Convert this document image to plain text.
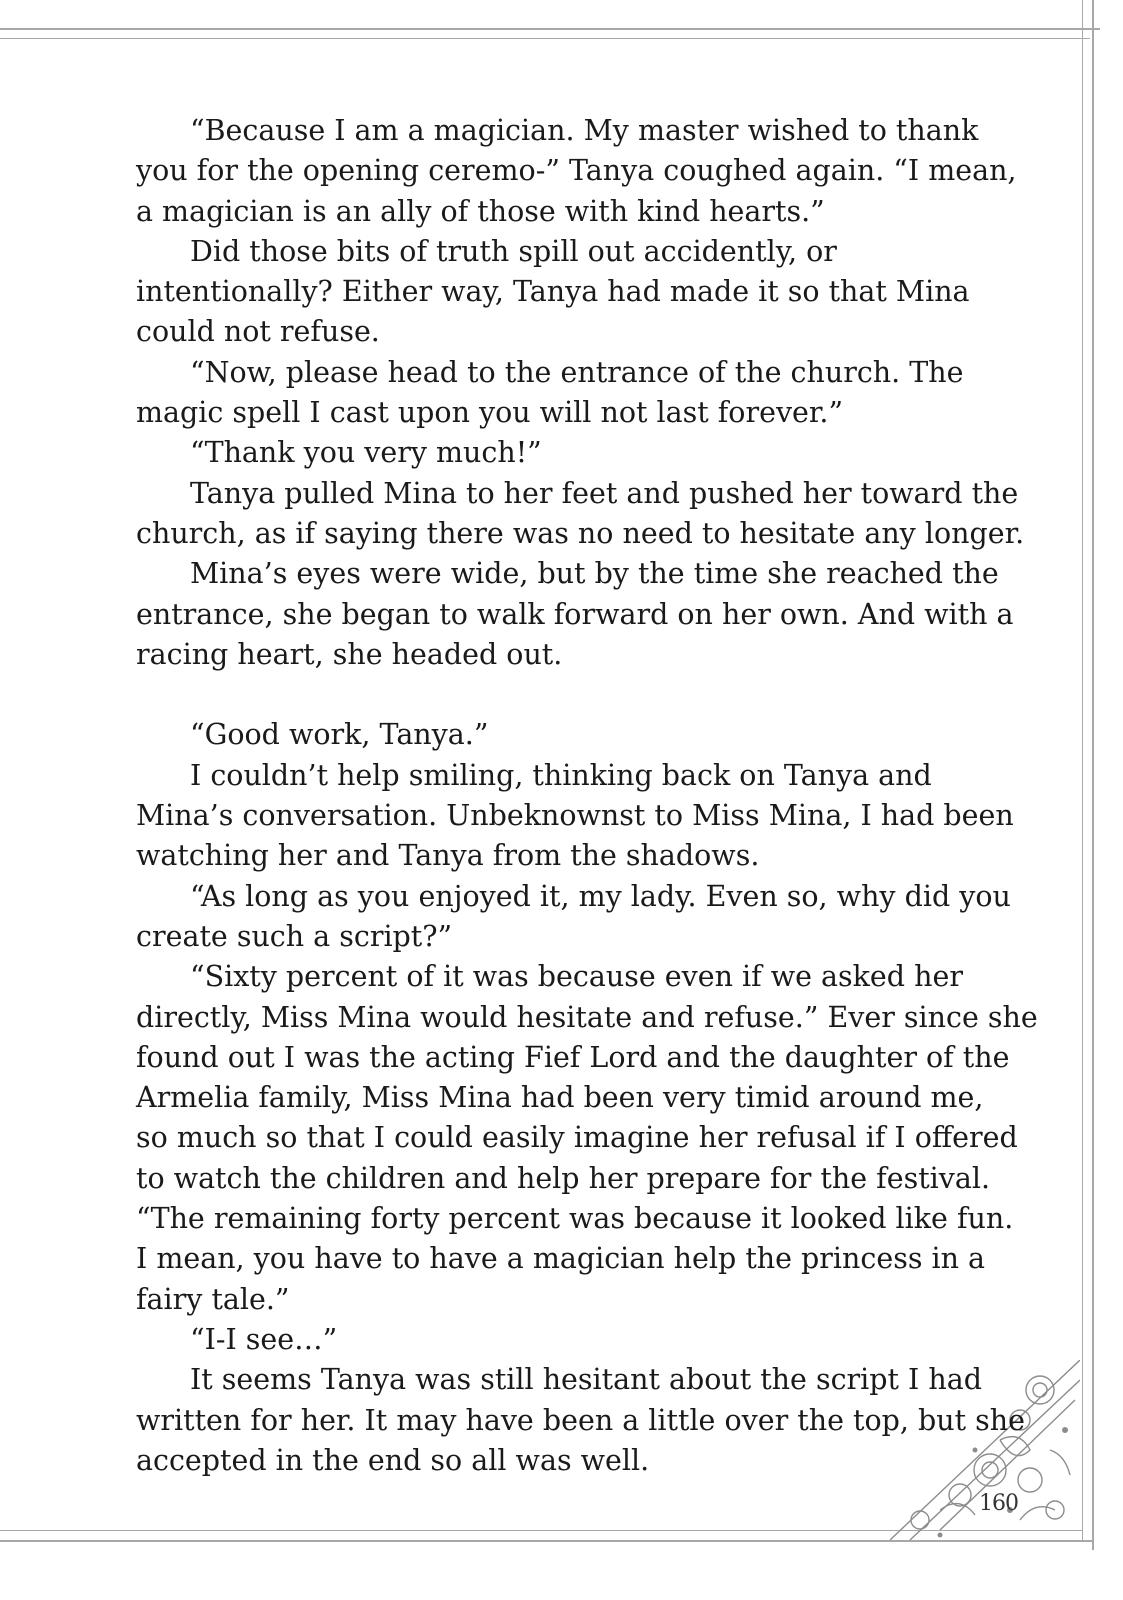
“Because I am a magician. My master wished to thank
you for the opening ceremo-” Tanya coughed again. “I mean,
a magician is an ally of those with kind hearts.”
Did those bits of truth spill out accidently, or
intentionally? Either way, Tanya had made it so that Mina
could not refuse.
“Now, please head to the entrance of the church. The
magic spell I cast upon you will not last forever.”
“Thank you very much!”
Tanya pulled Mina to her feet and pushed her toward the
church, as if saying there was no need to hesitate any longer.
Mina’s eyes were wide, but by the time she reached the
entrance, she began to walk forward on her own. And with a
racing heart, she headed out.
“Good work, Tanya.”
I couldn’t help smiling, thinking back on Tanya and
Mina’s conversation. Unbeknownst to Miss Mina, I had been
watching her and Tanya from the shadows.
“As long as you enjoyed it, my lady. Even so, why did you
create such a script?”
“Sixty percent of it was because even if we asked her
directly, Miss Mina would hesitate and refuse.” Ever since she
found out I was the acting Fief Lord and the daughter of the
Armelia family, Miss Mina had been very timid around me,
so much so that I could easily imagine her refusal if I offered
to watch the children and help her prepare for the festival.
“The remaining forty percent was because it looked like fun.
I mean, you have to have a magician help the princess in a
fairy tale.”
“I-I see…”
It seems Tanya was still hesitant about the script I had
written for her. It may have been a little over the top, but she
accepted in the end so all was well.
160
